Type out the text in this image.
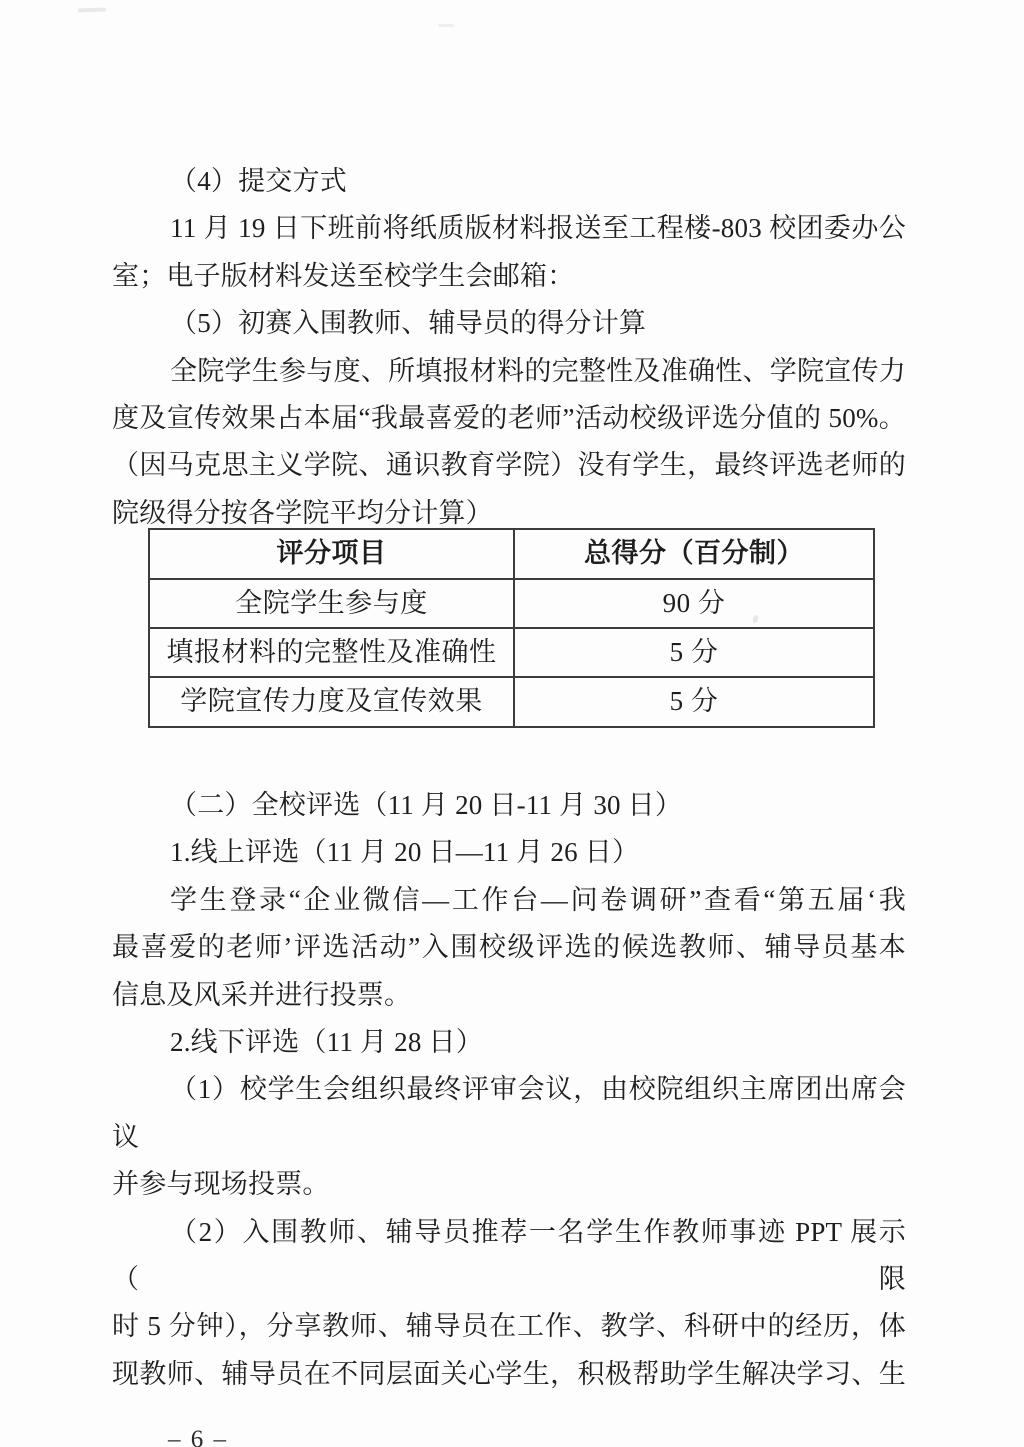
（4）提交方式
11 月 19 日下班前将纸质版材料报送至工程楼-803 校团委办公
室；电子版材料发送至校学生会邮箱：
（5）初赛入围教师、辅导员的得分计算
全院学生参与度、所填报材料的完整性及准确性、学院宣传力
度及宣传效果占本届“我最喜爱的老师”活动校级评选分值的 50%。
（因马克思主义学院、通识教育学院）没有学生，最终评选老师的
院级得分按各学院平均分计算）
评分项目	总得分（百分制）
全院学生参与度	90 分
填报材料的完整性及准确性	5 分
学院宣传力度及宣传效果	5 分
（二）全校评选（11 月 20 日-11 月 30 日）
1.线上评选（11 月 20 日—11 月 26 日）
学生登录“企业微信—工作台—问卷调研”查看“第五届‘我
最喜爱的老师’评选活动”入围校级评选的候选教师、辅导员基本
信息及风采并进行投票。
2.线下评选（11 月 28 日）
（1）校学生会组织最终评审会议，由校院组织主席团出席会议
并参与现场投票。
（2）入围教师、辅导员推荐一名学生作教师事迹 PPT 展示（限
时 5 分钟），分享教师、辅导员在工作、教学、科研中的经历，体
现教师、辅导员在不同层面关心学生，积极帮助学生解决学习、生
– 6 –
